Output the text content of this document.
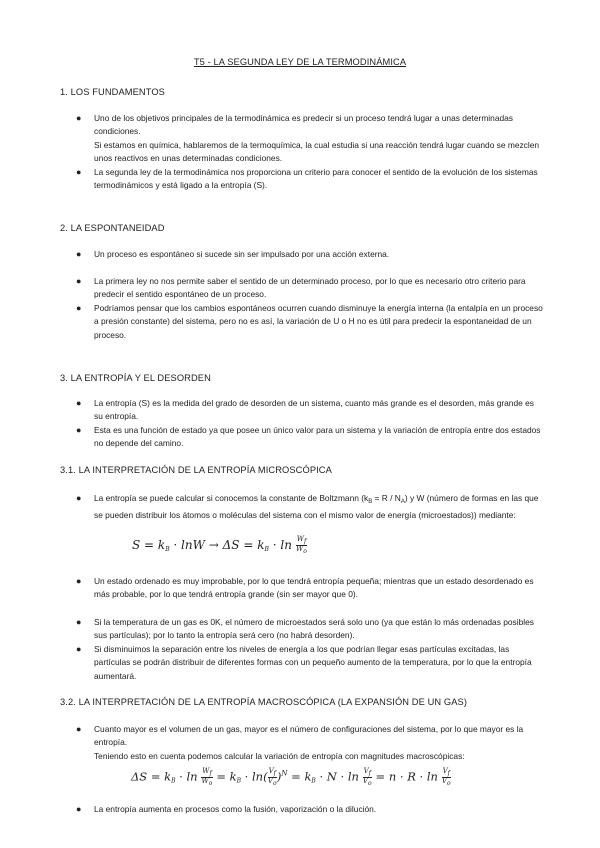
T5 - LA SEGUNDA LEY DE LA TERMODINÁMICA
1. LOS FUNDAMENTOS
● Uno de los objetivos principales de la termodinámica es predecir si un proceso tendrá lugar a unas determinadas condiciones.
Si estamos en química, hablaremos de la termoquímica, la cual estudia si una reacción tendrá lugar cuando se mezclen unos reactivos en unas determinadas condiciones.
● La segunda ley de la termodinámica nos proporciona un criterio para conocer el sentido de la evolución de los sistemas termodinámicos y está ligado a la entropía (S).
2. LA ESPONTANEIDAD
● Un proceso es espontáneo si sucede sin ser impulsado por una acción externa.
● La primera ley no nos permite saber el sentido de un determinado proceso, por lo que es necesario otro criterio para predecir el sentido espontáneo de un proceso.
● Podríamos pensar que los cambios espontáneos ocurren cuando disminuye la energía interna (la entalpía en un proceso a presión constante) del sistema, pero no es así, la variación de U o H no es útil para predecir la espontaneidad de un proceso.
3. LA ENTROPÍA Y EL DESORDEN
● La entropía (S) es la medida del grado de desorden de un sistema, cuanto más grande es el desorden, más grande es su entropía.
● Esta es una función de estado ya que posee un único valor para un sistema y la variación de entropía entre dos estados no depende del camino.
3.1. LA INTERPRETACIÓN DE LA ENTROPÍA MICROSCÓPICA
● La entropía se puede calcular si conocemos la constante de Boltzmann $(k_B = R / N_A)$ y W (número de formas en las que se pueden distribuir los átomos o moléculas del sistema con el mismo valor de energía (microestados)) mediante:
$S = k_B \cdot \ln W \to \Delta S = k_B \cdot \ln \frac{Wf}{Wo}$
● Un estado ordenado es muy improbable, por lo que tendrá entropía pequeña; mientras que un estado desordenado es más probable, por lo que tendrá entropía grande (sin ser mayor que 0).
● Si la temperatura de un gas es 0K, el número de microestados será solo uno (ya que están lo más ordenadas posibles sus partículas); por lo tanto la entropía será cero (no habrá desorden).
● Si disminuimos la separación entre los niveles de energía a los que podrían llegar esas partículas excitadas, las partículas se podrán distribuir de diferentes formas con un pequeño aumento de la temperatura, por lo que la entropía aumentará.
3.2. LA INTERPRETACIÓN DE LA ENTROPÍA MACROSCÓPICA (LA EXPANSIÓN DE UN GAS)
● Cuanto mayor es el volumen de un gas, mayor es el número de configuraciones del sistema, por lo que mayor es la entropía.
Teniendo esto en cuenta podemos calcular la variación de entropía con magnitudes macroscópicas:
$\Delta S = k_B \cdot \ln \frac{Wf}{Wo} = k_B \cdot \ln( \frac{Vf}{Vo} )^N = k_B \cdot N \cdot \ln \frac{Vf}{Vo} = n \cdot R \cdot \ln \frac{Vf}{Vo}$
● La entropía aumenta en procesos como la fusión, vaporización o la dilución.
